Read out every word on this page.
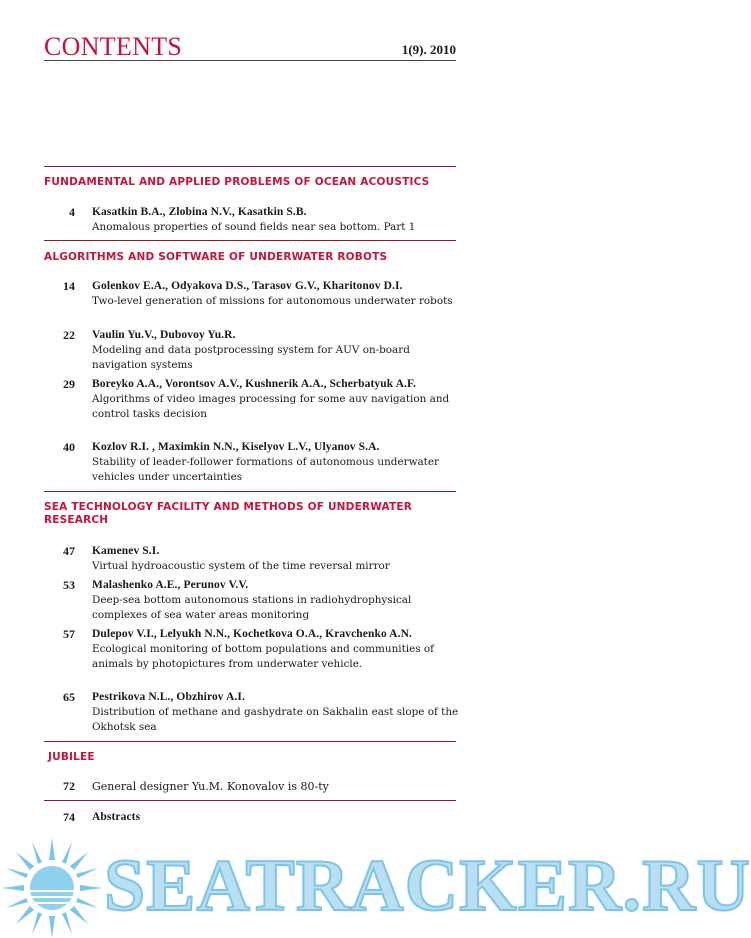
CONTENTS	1(9). 2010
FUNDAMENTAL AND APPLIED PROBLEMS OF OCEAN ACOUSTICS
4 Kasatkin B.A., Zlobina N.V., Kasatkin S.B.
Anomalous properties of sound fields near sea bottom. Part 1
ALGORITHMS AND SOFTWARE OF UNDERWATER ROBOTS
14 Golenkov E.A., Odyakova D.S., Tarasov G.V., Kharitonov D.I.
Two-level generation of missions for autonomous underwater robots
22 Vaulin Yu.V., Dubovoy Yu.R.
Modeling and data postprocessing system for AUV on-board navigation systems
29 Boreyko A.A., Vorontsov A.V., Kushnerik A.A., Scherbatyuk A.F.
Algorithms of video images processing for some auv navigation and control tasks decision
40 Kozlov R.I. , Maximkin N.N., Kiselyov L.V., Ulyanov S.A.
Stability of leader-follower formations of autonomous underwater vehicles under uncertainties
SEA TECHNOLOGY FACILITY AND METHODS OF UNDERWATER RESEARCH
47 Kamenev S.I.
Virtual hydroacoustic system of the time reversal mirror
53 Malashenko A.E., Perunov V.V.
Deep-sea bottom autonomous stations in radiohydrophysical complexes of sea water areas monitoring
57 Dulepov V.I., Lelyukh N.N., Kochetkova O.A., Kravchenko A.N.
Ecological monitoring of bottom populations and communities of animals by photopictures from underwater vehicle.
65 Pestrikova N.L., Obzhirov A.I.
Distribution of methane and gashydrate on Sakhalin east slope of the Okhotsk sea
JUBILEE
72 General designer Yu.M. Konovalov is 80-ty
74 Abstracts
SEATRACKER.RU
